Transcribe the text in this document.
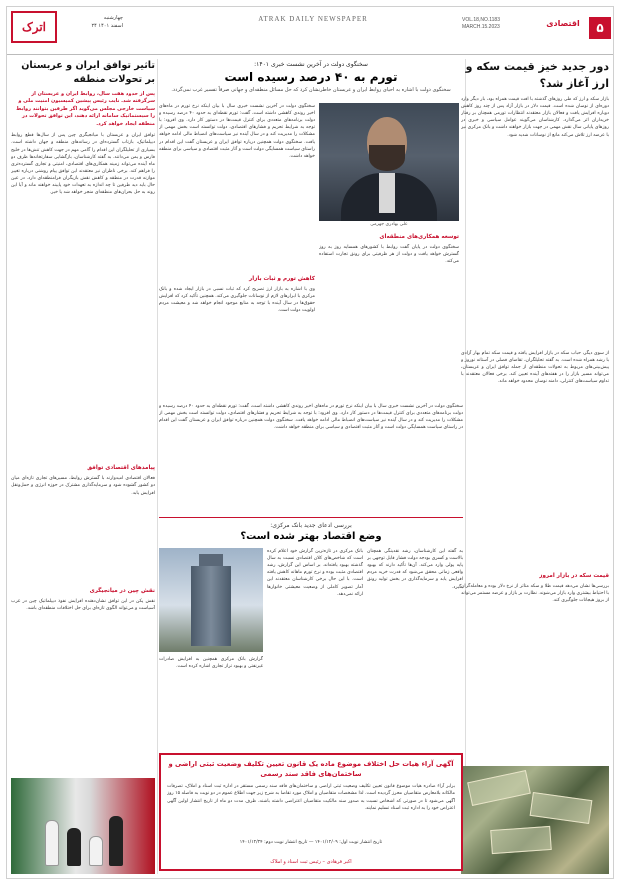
۵
اقتصادی
VOL.18,NO.1183
MARCH.15.2023
ATRAK DAILY NEWSPAPER
اترک
چهارشنبه
۲۴ اسفند ۱۴۰۱
دور جدید خیز قیمت سکه و ارز آغاز شد؟
بازار سکه و ارز که طی روزهای گذشته با افت قیمت همراه بود، بار دیگر وارد دوره‌ای از نوسان شده است. قیمت دلار در بازار آزاد پس از چند روز کاهش دوباره افزایش یافت و فعالان بازار معتقدند انتظارات تورمی همچنان بر رفتار خریداران اثر می‌گذارد. کارشناسان می‌گویند عوامل سیاسی و خبری در روزهای پایانی سال نقش مهمی در جهت بازار خواهند داشت و بانک مرکزی نیز با عرضه ارز تلاش می‌کند مانع از نوسانات شدید شود.
از سوی دیگر، حباب سکه در بازار افزایش یافته و قیمت سکه تمام بهار آزادی با رشد همراه شده است. به گفته تحلیلگران، تقاضای فصلی در آستانه نوروز و پیش‌بینی‌های مربوط به تحولات منطقه‌ای از جمله توافق ایران و عربستان، می‌تواند مسیر بازار را در هفته‌های آینده تعیین کند. برخی فعالان معتقدند با تداوم سیاست‌های کنترلی، دامنه نوسان محدود خواهد ماند.
قیمت سکه در بازار امروز
بررسی‌ها نشان می‌دهد قیمت طلا و سکه متأثر از نرخ دلار بوده و معامله‌گران با احتیاط بیشتری وارد بازار می‌شوند. نظارت بر بازار و عرضه مستمر می‌تواند از بروز هیجانات جلوگیری کند.
سخنگوی دولت در آخرین نشست خبری ۱۴۰۱:
تورم به ۴۰ درصد رسیده است
سخنگوی دولت با اشاره به احیای روابط ایران و عربستان خاطرنشان کرد که حل مسائل منطقه‌ای و جهانی صرفاً تفسیر غرب نمی‌گردد.
علی بهادری جهرمی
سخنگوی دولت در آخرین نشست خبری سال با بیان اینکه نرخ تورم در ماه‌های اخیر روندی کاهشی داشته است، گفت: تورم نقطه‌ای به حدود ۴۰ درصد رسیده و دولت برنامه‌های متعددی برای کنترل قیمت‌ها در دستور کار دارد. وی افزود: با توجه به شرایط تحریم و فشارهای اقتصادی، دولت توانسته است بخش مهمی از مشکلات را مدیریت کند و در سال آینده نیز سیاست‌های انضباط مالی ادامه خواهد یافت. سخنگوی دولت همچنین درباره توافق ایران و عربستان گفت این اقدام در راستای سیاست همسایگی دولت است و آثار مثبت اقتصادی و سیاسی برای منطقه خواهد داشت.
کاهش تورم و ثبات بازار
وی با اشاره به بازار ارز تصریح کرد که ثبات نسبی در بازار ایجاد شده و بانک مرکزی با ابزارهای لازم از نوسانات جلوگیری می‌کند. همچنین تأکید کرد که افزایش حقوق‌ها در سال آینده با توجه به منابع موجود انجام خواهد شد و معیشت مردم اولویت دولت است.
توسعه همکاری‌های منطقه‌ای
سخنگوی دولت در پایان گفت روابط با کشورهای همسایه روز به روز گسترش خواهد یافت و دولت از هر ظرفیتی برای رونق تجارت استفاده می‌کند.
سخنگوی دولت در آخرین نشست خبری سال با بیان اینکه نرخ تورم در ماه‌های اخیر روندی کاهشی داشته است، گفت: تورم نقطه‌ای به حدود ۴۰ درصد رسیده و دولت برنامه‌های متعددی برای کنترل قیمت‌ها در دستور کار دارد. وی افزود: با توجه به شرایط تحریم و فشارهای اقتصادی، دولت توانسته است بخش مهمی از مشکلات را مدیریت کند و در سال آینده نیز سیاست‌های انضباط مالی ادامه خواهد یافت. سخنگوی دولت همچنین درباره توافق ایران و عربستان گفت این اقدام در راستای سیاست همسایگی دولت است و آثار مثبت اقتصادی و سیاسی برای منطقه خواهد داشت.
بررسی ادعای جدید بانک مرکزی:
وضع اقتصاد بهتر شده است؟
بانک مرکزی در تازه‌ترین گزارش خود اعلام کرده است که شاخص‌های کلان اقتصادی نسبت به سال گذشته بهبود یافته‌اند. بر اساس این گزارش، رشد اقتصادی مثبت بوده و نرخ تورم ماهانه کاهش یافته است. با این حال برخی کارشناسان معتقدند این آمار تصویر کاملی از وضعیت معیشتی خانوارها ارائه نمی‌دهد.
به گفته این کارشناسان، رشد نقدینگی همچنان بالاست و کسری بودجه دولت فشار قابل توجهی بر پایه پولی وارد می‌کند. آن‌ها تأکید دارند که بهبود واقعی زمانی محقق می‌شود که قدرت خرید مردم افزایش یابد و سرمایه‌گذاری در بخش تولید رونق بگیرد.
گزارش بانک مرکزی همچنین به افزایش صادرات غیرنفتی و بهبود تراز تجاری اشاره کرده است.
آگهی آراء هیات حل اختلاف موضوع ماده یک قانون تعیین تکلیف وضعیت ثبتی اراضی و ساختمان‌های فاقد سند رسمی
برابر آراء صادره هیات موضوع قانون تعیین تکلیف وضعیت ثبتی اراضی و ساختمان‌های فاقد سند رسمی مستقر در اداره ثبت اسناد و املاک، تصرفات مالکانه بلامعارض متقاضیان محرز گردیده است. لذا مشخصات متقاضیان و املاک مورد تقاضا به شرح زیر جهت اطلاع عموم در دو نوبت به فاصله ۱۵ روز آگهی می‌شود تا در صورتی که اشخاص نسبت به صدور سند مالکیت متقاضیان اعتراضی داشته باشند، ظرف مدت دو ماه از تاریخ انتشار اولین آگهی اعتراض خود را به اداره ثبت اسناد تسلیم نمایند.
تاریخ انتشار نوبت اول: ۱۴۰۱/۱۲/۰۹ — تاریخ انتشار نوبت دوم: ۱۴۰۱/۱۲/۲۴
اکبر فرهادی – رئیس ثبت اسناد و املاک
تاثیر توافق ایران و عربستان بر تحولات منطقه
پس از حدود هفت سال، روابط ایران و عربستان از سرگرفته شد. نایب رئیس پیشین کمیسیون امنیت ملی و سیاست خارجی مجلس می‌گوید اگر طرفین بتوانند روابط را سیستماتیک سامانه ارائه دهند، این توافق تحولات در منطقه ایجاد خواهد کرد.
توافق ایران و عربستان با میانجیگری چین پس از سال‌ها قطع روابط دیپلماتیک، بازتاب گسترده‌ای در رسانه‌های منطقه و جهان داشته است. بسیاری از تحلیلگران این اقدام را گامی مهم در جهت کاهش تنش‌ها در خلیج فارس و یمن می‌دانند. به گفته کارشناسان، بازگشایی سفارتخانه‌ها ظرف دو ماه آینده می‌تواند زمینه همکاری‌های اقتصادی، امنیتی و تجاری گسترده‌تری را فراهم کند. برخی ناظران نیز معتقدند این توافق پیام روشنی درباره تغییر موازنه قدرت در منطقه و کاهش نقش بازیگران فرامنطقه‌ای دارد. در عین حال باید دید طرفین تا چه اندازه به تعهدات خود پایبند خواهند ماند و آیا این روند به حل بحران‌های منطقه‌ای منجر خواهد شد یا خیر.
پیامدهای اقتصادی توافق
فعالان اقتصادی امیدوارند با گسترش روابط، مسیرهای تجاری تازه‌ای میان دو کشور گشوده شود و سرمایه‌گذاری مشترک در حوزه انرژی و حمل‌ونقل افزایش یابد.
نقش چین در میانجیگری
نقش پکن در این توافق نشان‌دهنده افزایش نفوذ دیپلماتیک چین در غرب آسیاست و می‌تواند الگوی تازه‌ای برای حل اختلافات منطقه‌ای باشد.
